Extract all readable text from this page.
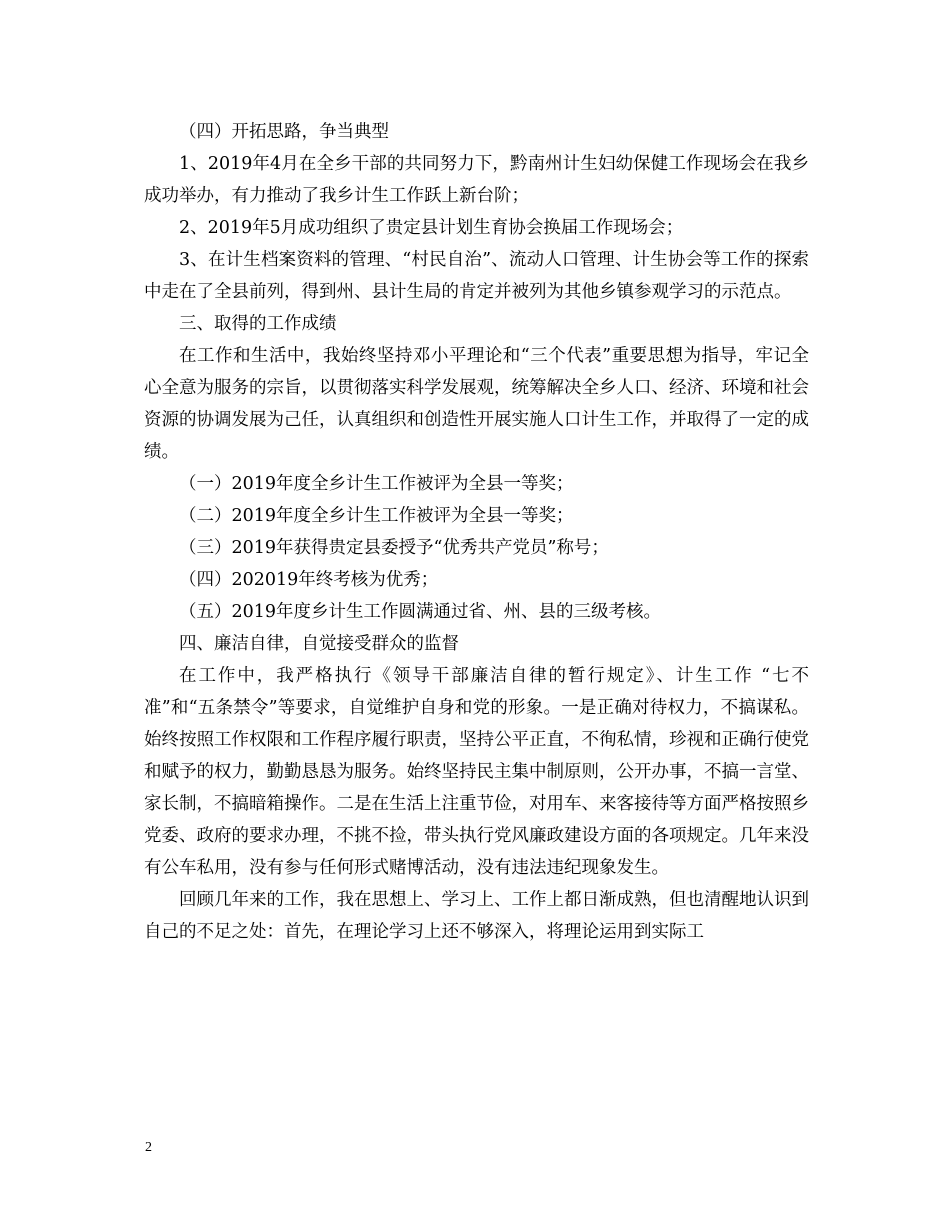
（四）开拓思路，争当典型

1、2019年4月在全乡干部的共同努力下，黔南州计生妇幼保健工作现场会在我乡成功举办，有力推动了我乡计生工作跃上新台阶；

2、2019年5月成功组织了贵定县计划生育协会换届工作现场会；

3、在计生档案资料的管理、“村民自治”、流动人口管理、计生协会等工作的探索中走在了全县前列，得到州、县计生局的肯定并被列为其他乡镇参观学习的示范点。

三、取得的工作成绩

在工作和生活中，我始终坚持邓小平理论和“三个代表”重要思想为指导，牢记全心全意为服务的宗旨，以贯彻落实科学发展观，统筹解决全乡人口、经济、环境和社会资源的协调发展为己任，认真组织和创造性开展实施人口计生工作，并取得了一定的成绩。

（一）2019年度全乡计生工作被评为全县一等奖；

（二）2019年度全乡计生工作被评为全县一等奖；

（三）2019年获得贵定县委授予“优秀共产党员”称号；

（四）202019年终考核为优秀；

（五）2019年度乡计生工作圆满通过省、州、县的三级考核。

四、廉洁自律，自觉接受群众的监督

在工作中，我严格执行《领导干部廉洁自律的暂行规定》、计生工作 “七不准”和“五条禁令”等要求，自觉维护自身和党的形象。一是正确对待权力，不搞谋私。始终按照工作权限和工作程序履行职责，坚持公平正直，不徇私情，珍视和正确行使党和赋予的权力，勤勤恳恳为服务。始终坚持民主集中制原则，公开办事，不搞一言堂、家长制，不搞暗箱操作。二是在生活上注重节俭，对用车、来客接待等方面严格按照乡党委、政府的要求办理，不挑不捡，带头执行党风廉政建设方面的各项规定。几年来没有公车私用，没有参与任何形式赌博活动，没有违法违纪现象发生。

回顾几年来的工作，我在思想上、学习上、工作上都日渐成熟，但也清醒地认识到自己的不足之处：首先，在理论学习上还不够深入，将理论运用到实际工

2
